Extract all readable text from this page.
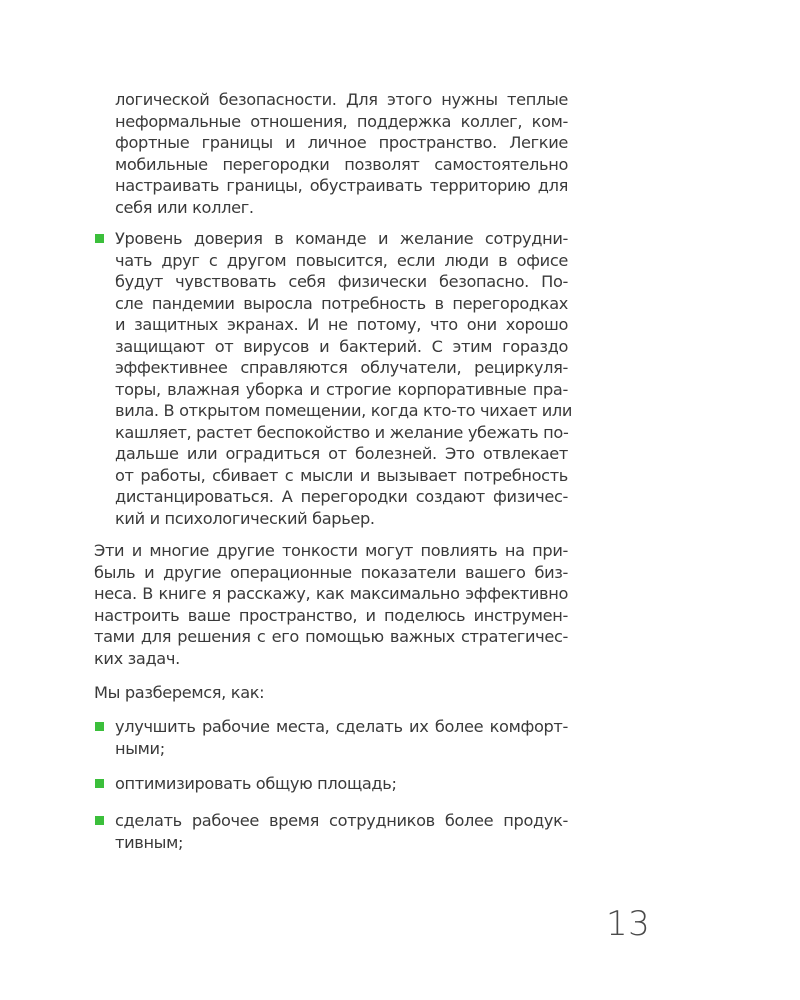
логической безопасности. Для этого нужны теплые
неформальные отношения, поддержка коллег, ком-
фортные границы и личное пространство. Легкие
мобильные перегородки позволят самостоятельно
настраивать границы, обустраивать территорию для
себя или коллег.
Уровень доверия в команде и желание сотрудни-
чать друг с другом повысится, если люди в офисе
будут чувствовать себя физически безопасно. По-
сле пандемии выросла потребность в перегородках
и защитных экранах. И не потому, что они хорошо
защищают от вирусов и бактерий. С этим гораздо
эффективнее справляются облучатели, рециркуля-
торы, влажная уборка и строгие корпоративные пра-
вила. В открытом помещении, когда кто-то чихает или
кашляет, растет беспокойство и желание убежать по-
дальше или оградиться от болезней. Это отвлекает
от работы, сбивает с мысли и вызывает потребность
дистанцироваться. А перегородки создают физичес-
кий и психологический барьер.
Эти и многие другие тонкости могут повлиять на при-
быль и другие операционные показатели вашего биз-
неса. В книге я расскажу, как максимально эффективно
настроить ваше пространство, и поделюсь инструмен-
тами для решения с его помощью важных стратегичес-
ких задач.
Мы разберемся, как:
улучшить рабочие места, сделать их более комфорт-
ными;
оптимизировать общую площадь;
сделать рабочее время сотрудников более продук-
тивным;
13
